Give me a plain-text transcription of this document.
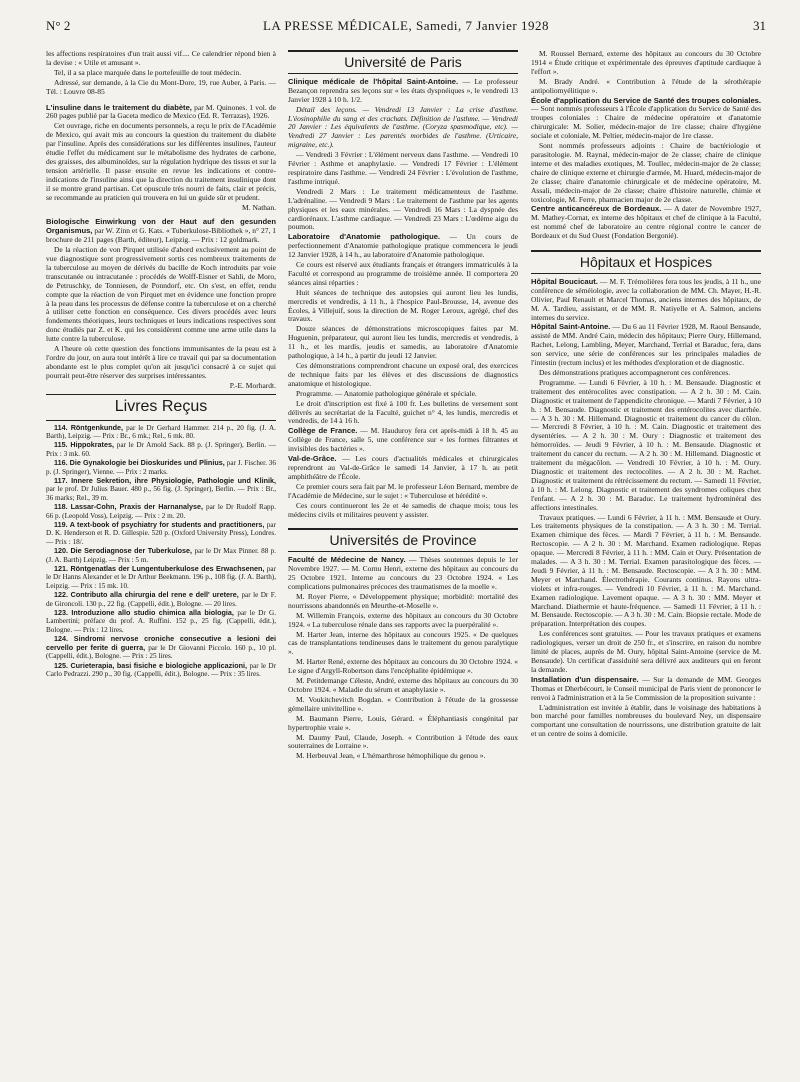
N° 2	LA PRESSE MÉDICALE, Samedi, 7 Janvier 1928	31

les affections respiratoires d'un trait aussi vif.... Ce calendrier répond bien à la devise : « Utile et amusant ».

Tel, il a sa place marquée dans le portefeuille de tout médecin.

Adressé, sur demande, à la Cie du Mont-Dore, 19, rue Auber, à Paris. — Tél. : Louvre 08-85

L'insuline dans le traitement du diabète, par M. Quinones. 1 vol. de 260 pages publié par la Gaceta medico de Mexico (Ed. R. Terrazas), 1926.

Cet ouvrage, riche en documents personnels, a reçu le prix de l'Académie de Mexico, qui avait mis au concours la question du traitement du diabète par l'insuline. Après des considérations sur les différentes insulines, l'auteur étudie l'effet du médicament sur le métabolisme des hydrates de carbone, des graisses, des albuminoïdes, sur la régulation hydrique des tissus et sur la tension artérielle. Il passe ensuite en revue les indications et contre-indications de l'insuline ainsi que la direction du traitement insulinique dont il se montre grand partisan. Cet opuscule très nourri de faits, clair et précis, se recommande au praticien qui trouvera en lui un guide sûr et prudent.

M. Nathan.

Biologische Einwirkung von der Haut auf den gesunden Organismus, par W. Zinn et G. Kats. « Tuberkulose-Bibliothek », n° 27, 1 brochure de 211 pages (Barth, éditeur), Leipzig. — Prix : 12 goldmark.

De la réaction de von Pirquet utilisée d'abord exclusivement au point de vue diagnostique sont progressivement sortis ces nombreux traitements de la tuberculose au moyen de dérivés du bacille de Koch introduits par voie transcutanée ou intracutanée : procédés de Wolff-Eisner et Sahli, de Moro, de Petruschky, de Tonniesen, de Ponndorf, etc. On s'est, en effet, rendu compte que la réaction de von Pirquet met en évidence une fonction propre à la peau dans les processus de défense contre la tuberculose et on a cherché à utiliser cette fonction en conséquence. Ces divers procédés avec leurs fondements théoriques, leurs techniques et leurs indications respectives sont donc étudiés par Z. et K. qui les considèrent comme une arme utile dans la lutte contre la tuberculose.

A l'heure où cette question des fonctions immunisantes de la peau est à l'ordre du jour, on aura tout intérêt à lire ce travail qui par sa documentation abondante est le plus complet qu'on ait jusqu'ici consacré à ce sujet qui pourrait peut-être réserver des surprises intéressantes.

P.-E. Morhardt.
Livres Reçus

114. Röntgenkunde, par le Dr Gerhard Hammer. 214 p., 20 fig. (J. A. Barth), Leipzig. — Prix : Br., 6 mk.; Rel., 6 mk. 80.

115. Hippokrates, par le Dr Arnold Sack. 88 p. (J. Springer), Berlin. — Prix : 3 mk. 60.

116. Die Gynakologie bei Dioskurides und Plinius, par J. Fischer. 36 p. (J. Springer), Vienne. — Prix : 2 marks.

117. Innere Sekretion, ihre Physiologie, Pathologie und Klinik, par le prof. Dr Julius Bauer. 480 p., 56 fig. (J. Springer), Berlin. — Prix : Br., 36 marks; Rel., 39 m.

118. Lassar-Cohn, Praxis der Harnanalyse, par le Dr Rudolf Rapp. 66 p. (Leopold Voss), Leipzig. — Prix : 2 m. 20.

119. A text-book of psychiatry for students and practitioners, par D. K. Henderson et R. D. Gillespie. 520 p. (Oxford University Press), Londres. — Prix : 18/.

120. Die Serodiagnose der Tuberkulose, par le Dr Max Pinner. 88 p. (J. A. Barth) Leipzig. — Prix : 5 m.

121. Röntgenatlas der Lungentuberkulose des Erwachsenen, par le Dr Hanns Alexander et le Dr Arthur Beekmann. 196 p., 108 fig. (J. A. Barth), Leipzig. — Prix : 15 mk. 10.

122. Contributo alla chirurgia del rene e dell' uretere, par le Dr F. de Gironcoli. 130 p., 22 fig. (Cappelli, édit.), Bologne. — 20 lires.

123. Introduzione allo studio chimica alla biologia, par le Dr G. Lambertini; préface du prof. A. Ruffini. 152 p., 25 fig. (Cappelli, édit.), Bologne. — Prix : 12 lires.

124. Sindromi nervose croniche consecutive a lesioni dei cervello per ferite di guerra, par le Dr Giovanni Piccolo. 160 p., 10 pl. (Cappelli, édit.), Bologne. — Prix : 25 lires.

125. Curieterapia, basi fisiche e biologiche applicazioni, par le Dr Carlo Pedrazzi. 290 p., 30 fig. (Cappelli, édit.), Bologne. — Prix : 35 lires.

Université de Paris

Clinique médicale de l'hôpital Saint-Antoine. — Le professeur Bezançon reprendra ses leçons sur « les états dyspnéiques », le vendredi 13 Janvier 1928 à 10 h. 1/2.

Détail des leçons. — Vendredi 13 Janvier : La crise d'asthme. L'éosinophilie du sang et des crachats. Définition de l'asthme. — Vendredi 20 Janvier : Les équivalents de l'asthme. (Coryza spasmodique, etc). — Vendredi 27 Janvier : Les parentés morbides de l'asthme. (Urticaire, migraine, etc.).

— Vendredi 3 Février : L'élément nerveux dans l'asthme. — Vendredi 10 Février : Asthme et anaphylaxie. — Vendredi 17 Février : L'élément respiratoire dans l'asthme. — Vendredi 24 Février : L'évolution de l'asthme, l'asthme intriqué.

Vendredi 2 Mars : Le traitement médicamenteux de l'asthme. L'adrénaline. — Vendredi 9 Mars : Le traitement de l'asthme par les agents physiques et les eaux minérales. — Vendredi 16 Mars : La dyspnée des cardiorénaux. L'asthme cardiaque. — Vendredi 23 Mars : L'œdème aigu du poumon.

Laboratoire d'Anatomie pathologique. — Un cours de perfectionnement d'Anatomie pathologique pratique commencera le jeudi 12 Janvier 1928, à 14 h., au laboratoire d'Anatomie pathologique.

Ce cours est réservé aux étudiants français et étrangers immatriculés à la Faculté et correspond au programme de troisième année. Il comportera 20 séances ainsi réparties :

Huit séances de technique des autopsies qui auront lieu les lundis, mercredis et vendredis, à 11 h., à l'hospice Paul-Brousse, 14, avenue des Écoles, à Villejuif, sous la direction de M. Roger Leroux, agrégé, chef des travaux.

Douze séances de démonstrations microscopiques faites par M. Huguenin, préparateur, qui auront lieu les lundis, mercredis et vendredis, à 11 h., et les mardis, jeudis et samedis, au laboratoire d'Anatomie pathologique, à 14 h., à partir du jeudi 12 Janvier.

Ces démonstrations comprendront chacune un exposé oral, des exercices de technique faits par les élèves et des discussions de diagnostics anatomique et histologique.

Programme. — Anatomie pathologique générale et spéciale.

Le droit d'inscription est fixé à 100 fr. Les bulletins de versement sont délivrés au secrétariat de la Faculté, guichet n° 4, les lundis, mercredis et vendredis, de 14 à 16 h.

Collège de France. — M. Hauduroy fera cet après-midi à 18 h. 45 au Collège de France, salle 5, une conférence sur « les formes filtrantes et invisibles des bactéries ».

Val-de-Grâce. — Les cours d'actualités médicales et chirurgicales reprendront au Val-de-Grâce le samedi 14 Janvier, à 17 h. au petit amphithéâtre de l'École.

Ce premier cours sera fait par M. le professeur Léon Bernard, membre de l'Académie de Médecine, sur le sujet : « Tuberculose et hérédité ».

Ces cours continueront les 2e et 4e samedis de chaque mois; tous les médecins civils et militaires peuvent y assister.

Universités de Province

Faculté de Médecine de Nancy. — Thèses soutenues depuis le 1er Novembre 1927. — M. Cornu Henri, externe des hôpitaux au concours du 25 Octobre 1921. Interne au concours du 23 Octobre 1924. « Les complications pulmonaires précoces des traumatismes de la moelle ».

M. Royer Pierre, « Développement physique; morbidité: mortalité des nourrissons abandonnés en Meurthe-et-Moselle ».

M. Willemin François, externe des hôpitaux au concours du 30 Octobre 1924. « La tuberculose rénale dans ses rapports avec la puerpéralité ».

M. Harter Jean, interne des hôpitaux au concours 1925. « De quelques cas de transplantations tendineuses dans le traitement du genou paralytique ».

M. Harter René, externe des hôpitaux au concours du 30 Octobre 1924. « Le signe d'Argyll-Robertson dans l'encéphalite épidémique ».

M. Petitdemange Céleste, André, externe des hôpitaux au concours du 30 Octobre 1924. « Maladie du sérum et anaphylaxie ».

M. Voukitchevitch Bogdan. « Contribution à l'étude de la grossesse gémellaire univitelline ».

M. Baumann Pierre, Louis, Gérard. « Éléphantiasis congénital par hypertrophie vraie ».

M. Daumy Paul, Claude, Joseph. « Contribution à l'étude des eaux souterraines de Lorraine ».

M. Herbeuval Jean, « L'hémarthrose hémophilique du genou ».

M. Roussel Bernard, externe des hôpitaux au concours du 30 Octobre 1914 « Étude critique et expérimentale des épreuves d'aptitude cardiaque à l'effort ».

M. Brady André. « Contribution à l'étude de la sérothérapie antipoliomyélitique ».

École d'application du Service de Santé des troupes coloniales. — Sont nommés professeurs à l'École d'application du Service de Santé des troupes coloniales : Chaire de médecine opératoire et d'anatomie chirurgicale: M. Solier, médecin-major de 1re classe; chaire d'hygiène sociale et coloniale, M. Peltier, médecin-major de 1re classe.

Sont nommés professeurs adjoints : Chaire de bactériologie et parasitologie. M. Raynal, médecin-major de 2e classe; chaire de clinique interne et des maladies exotiques, M. Toullec, médecin-major de 2e classe; chaire de clinique externe et chirurgie d'armée, M. Huard, médecin-major de 2e classe; chaire d'anatomie chirurgicale et de médecine opératoire, M. Assali, médecin-major de 2e classe; chaire d'histoire naturelle, chimie et toxicologie, M. Ferre, pharmacien major de 2e classe.

Centre anticancéreux de Bordeaux. — A dater de Novembre 1927, M. Mathey-Cornat, ex interne des hôpitaux et chef de clinique à la Faculté, est nommé chef de laboratoire au centre régional contre le cancer de Bordeaux et du Sud Ouest (Fondation Bergonié).

Hôpitaux et Hospices

Hôpital Boucicaut. — M. F. Trémolières fera tous les jeudis, à 11 h., une conférence de séméiologie, avec la collaboration de MM. Ch. Mayer, H.-R. Olivier, Paul Renault et Marcel Thomas, anciens internes des hôpitaux, de M. A. Tardieu, assistant, et de MM. R. Natiyelle et A. Salmon, anciens internes du service.

Hôpital Saint-Antoine. — Du 6 au 11 Février 1928, M. Raoul Bensaude, assisté de MM. André Cain, médecin des hôpitaux; Pierre Oury, Hillemand, Rachet, Lelong, Lambling, Meyer, Marchand, Terrial et Baraduc, fera, dans son service, une série de conférences sur les principales maladies de l'intestin (rectum inclus) et les méthodes d'exploration et de diagnostic.

Des démonstrations pratiques accompagneront ces conférences.

Programme. — Lundi 6 Février, à 10 h. : M. Bensaude. Diagnostic et traitement des entérocolites avec constipation. — A 2 h. 30 : M. Cain. Diagnostic et traitement de l'appendicite chronique. — Mardi 7 Février, à 10 h. : M. Bensaude. Diagnostic et traitement des entérocolites avec diarrhée. — A 3 h. 30 : M. Hillemand. Diagnostic et traitement du cancer du côlon. — Mercredi 8 Février, à 10 h. : M. Cain. Diagnostic et traitement des dysentéries. — A 2 h. 30 : M. Oury : Diagnostic et traitement des hémorroïdes. — Jeudi 9 Février, à 10 h. : M. Bensaude. Diagnostic et traitement du cancer du rectum. — A 2 h. 30 : M. Hillemand. Diagnostic et traitement du mégacôlon. — Vendredi 10 Février, à 10 h. : M. Oury. Diagnostic et traitement des rectocolites. — A 2 h. 30 : M. Rachet. Diagnostic et traitement du rétrécissement du rectum. — Samedi 11 Février, à 10 h. : M. Lelong. Diagnostic et traitement des syndromes coliques chez l'enfant. — A 2 h. 30 : M. Baraduc. Le traitement hydrominéral des affections intestinales.

Travaux pratiques. — Lundi 6 Février, à 11 h. : MM. Bensaude et Oury. Les traitements physiques de la constipation. — A 3 h. 30 : M. Terrial. Examen chimique des fèces. — Mardi 7 Février, à 11 h. : M. Bensaude. Rectoscopie. — A 2 h. 30 : M. Marchand. Examen radiologique. Repas opaque. — Mercredi 8 Février, à 11 h. : MM. Cain et Oury. Présentation de malades. — A 3 h. 30 : M. Terrial. Examen parasitologique des fèces. — Jeudi 9 Février, à 11 h. : M. Bensaude. Rectoscopie. — A 3 h. 30 : MM. Meyer et Marchand. Électrothérapie. Courants continus. Rayons ultra-violets et infra-rouges. — Vendredi 10 Février, à 11 h. : M. Marchand. Examen radiologique. Lavement opaque. — A 3 h. 30 : MM. Meyer et Marchand. Diathermie et haute-fréquence. — Samedi 11 Février, à 11 h. : M. Bensaude. Rectoscopie. — A 3 h. 30 : M. Cain. Biopsie rectale. Mode de préparation. Interprétation des coupes.

Les conférences sont gratuites. — Pour les travaux pratiques et examens radiologiques, verser un droit de 250 fr., et s'inscrire, en raison du nombre limité de places, auprès de M. Oury, hôpital Saint-Antoine (service de M. Bensaude). Un certificat d'assiduité sera délivré aux auditeurs qui en feront la demande.

Installation d'un dispensaire. — Sur la demande de MM. Georges Thomas et Dherbécourt, le Conseil municipal de Paris vient de prononcer le renvoi à l'administration et à la 5e Commission de la proposition suivante :

L'administration est invitée à établir, dans le voisinage des habitations à bon marché pour familles nombreuses du boulevard Ney, un dispensaire comportant une consultation de nourrissons, une distribution gratuite de lait et un centre de soins à domicile.
